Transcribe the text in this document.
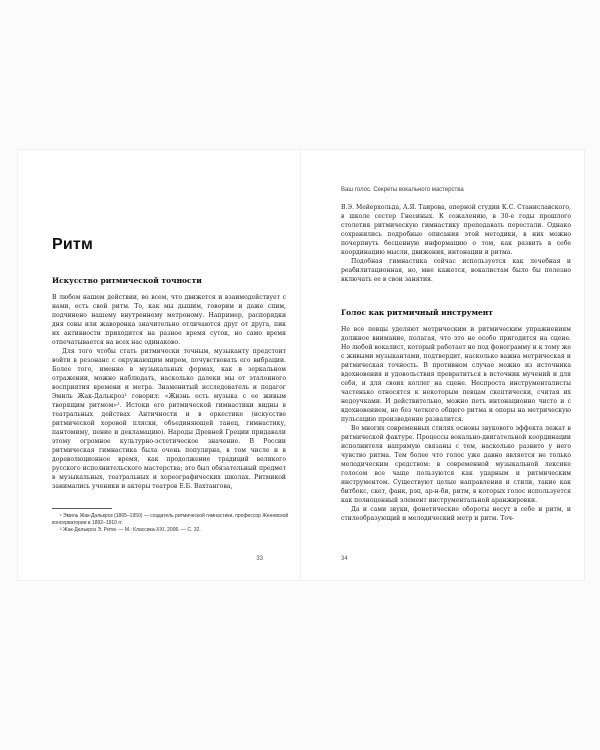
Ритм
Искусство ритмической точности

В любом нашем действии, во всем, что движется и взаимодействует с нами, есть свой ритм. То, как мы дышим, говорим и даже спим, подчинено нашему внутреннему метроному. Например, распорядки дня совы или жаворонка значительно отличаются друг от друга, пик их активности приходится на разное время суток, но само время отпечатывается на всех нас одинаково.

Для того чтобы стать ритмически точным, музыканту предстоит войти в резонанс с окружающим миром, почувствовать его вибрации. Более того, именно в музыкальных формах, как в зеркальном отражении, можно наблюдать, насколько далеки мы от эталонного восприятия времени и метра. Знаменитый исследователь и педагог Эмиль Жак-Далькроз¹ говорил: «Жизнь есть музыка с ее живым творящим ритмом»². Истоки его ритмической гимнастики видны в театральных действах Античности и в оркестике (искусстве ритмической хоровой пляски, объединяющей танец, гимнастику, пантомиму, пение и декламацию). Народы Древней Греции придавали этому огромное культурно-эстетическое значение. В России ритмическая гимнастика была очень популярна, в том числе и в дореволюционное время, как продолжение традиций великого русского исполнительского мастерства; это был обязательный предмет в музыкальных, театральных и хореографических школах. Ритмикой занимались ученики и актеры театров Е.Б. Вахтангова,

¹ Эмиль Жак-Далькроз (1865–1950) — создатель ритмической гимнастики, профессор Женевской консерватории в 1892–1910 гг.

² Жак-Далькроз Э. Ритм. — М.: Классика-XXI, 2006. — С. 32.

33
Ваш голос. Секреты вокального мастерства

В.Э. Мейерхольда, А.Я. Таирова, оперной студии К.С. Станиславского, в школе сестер Гнесиных. К сожалению, в 30-е годы прошлого столетия ритмическую гимнастику преподавать перестали. Однако сохранились подробные описания этой методики, в них можно почерпнуть бесценную информацию о том, как развить в себе координацию мысли, движения, интонации и ритма.

Подобная гимнастика сейчас используется как лечебная и реабилитационная, но, мне кажется, вокалистам было бы полезно включать ее в свои занятия.

Голос как ритмичный инструмент

Не все певцы уделяют метрическим и ритмическим упражнениям должное внимание, полагая, что это не особо пригодится на сцене. Но любой вокалист, который работает не под фонограмму и к тому же с живыми музыкантами, подтвердит, насколько важна метрическая и ритмическая точность. В противном случае можно из источника вдохновения и удовольствия превратиться в источник мучений и для себя, и для своих коллег на сцене. Неспроста инструменталисты частенько относятся к некоторым певцам скептически, считая их недоучками. И действительно, можно петь интонационно чисто и с вдохновением, но без четкого общего ритма и опоры на метрическую пульсацию произведение развалится.

Во многих современных стилях основы звукового эффекта лежат в ритмической фактуре. Процессы вокально-двигательной координации исполнителя напрямую связаны с тем, насколько развито у него чувство ритма. Тем более что голос уже давно является не только мелодическим средством: в современной музыкальной лексике голосом все чаще пользуются как ударным и ритмическим инструментом. Существуют целые направления и стили, такие как битбокс, скет, фанк, рэп, ар-н-би, ритм, в которых голос используется как полноценный элемент инструментальной аранжировки.

Да и сами звуки, фонетические обороты несут в себе и ритм, и стилеобразующий и мелодический метр и ритм. Точ-

34
